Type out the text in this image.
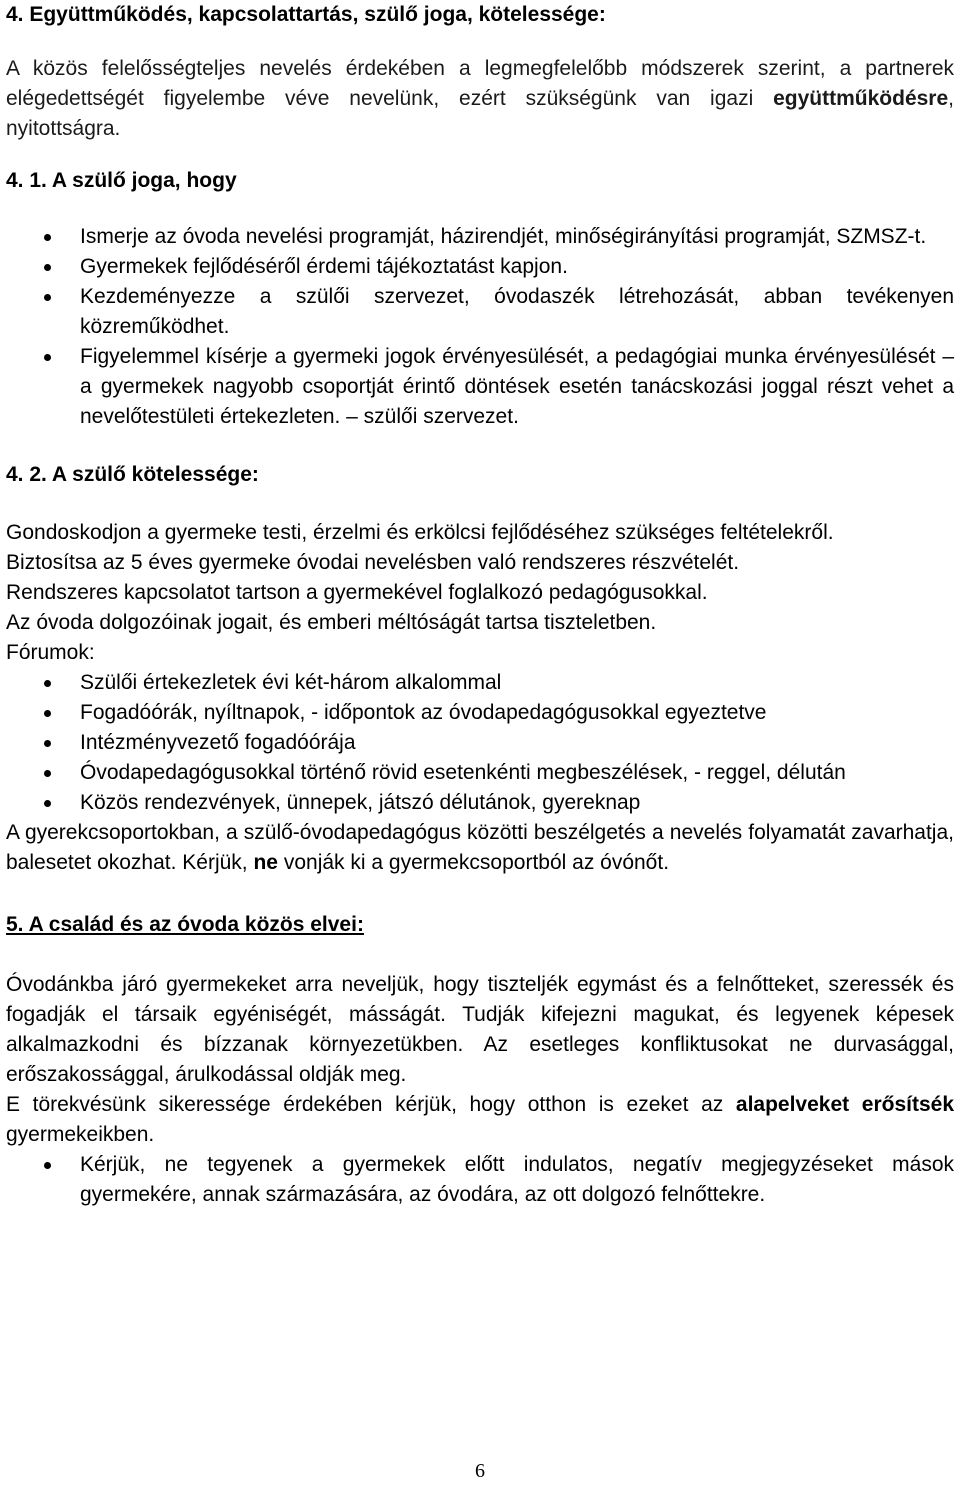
4. Együttműködés, kapcsolattartás, szülő joga, kötelessége:

A közös felelősségteljes nevelés érdekében a legmegfelelőbb módszerek szerint, a partnerek elégedettségét figyelembe véve nevelünk, ezért szükségünk van igazi együttműködésre, nyitottságra.

4. 1. A szülő joga, hogy

Ismerje az óvoda nevelési programját, házirendjét, minőségirányítási programját, SZMSZ-t.
Gyermekek fejlődéséről érdemi tájékoztatást kapjon.
Kezdeményezze a szülői szervezet, óvodaszék létrehozását, abban tevékenyen közreműködhet.
Figyelemmel kísérje a gyermeki jogok érvényesülését, a pedagógiai munka érvényesülését – a gyermekek nagyobb csoportját érintő döntések esetén tanácskozási joggal részt vehet a nevelőtestületi értekezleten. – szülői szervezet.

4. 2. A szülő kötelessége:

Gondoskodjon a gyermeke testi, érzelmi és erkölcsi fejlődéséhez szükséges feltételekről.

Biztosítsa az 5 éves gyermeke óvodai nevelésben való rendszeres részvételét.

Rendszeres kapcsolatot tartson a gyermekével foglalkozó pedagógusokkal.

Az óvoda dolgozóinak jogait, és emberi méltóságát tartsa tiszteletben.

Fórumok:

Szülői értekezletek évi két-három alkalommal
Fogadóórák, nyíltnapok, - időpontok az óvodapedagógusokkal egyeztetve
Intézményvezető fogadóórája
Óvodapedagógusokkal történő rövid esetenkénti megbeszélések, - reggel, délután
Közös rendezvények, ünnepek, játszó délutánok, gyereknap

A gyerekcsoportokban, a szülő-óvodapedagógus közötti beszélgetés a nevelés folyamatát zavarhatja, balesetet okozhat. Kérjük, ne vonják ki a gyermekcsoportból az óvónőt.

5. A család és az óvoda közös elvei:

Óvodánkba járó gyermekeket arra neveljük, hogy tiszteljék egymást és a felnőtteket, szeressék és fogadják el társaik egyéniségét, másságát. Tudják kifejezni magukat, és legyenek képesek alkalmazkodni és bízzanak környezetükben. Az esetleges konfliktusokat ne durvasággal, erőszakossággal, árulkodással oldják meg.

E törekvésünk sikeressége érdekében kérjük, hogy otthon is ezeket az alapelveket erősítsék gyermekeikben.

Kérjük, ne tegyenek a gyermekek előtt indulatos, negatív megjegyzéseket mások gyermekére, annak származására, az óvodára, az ott dolgozó felnőttekre.
6
